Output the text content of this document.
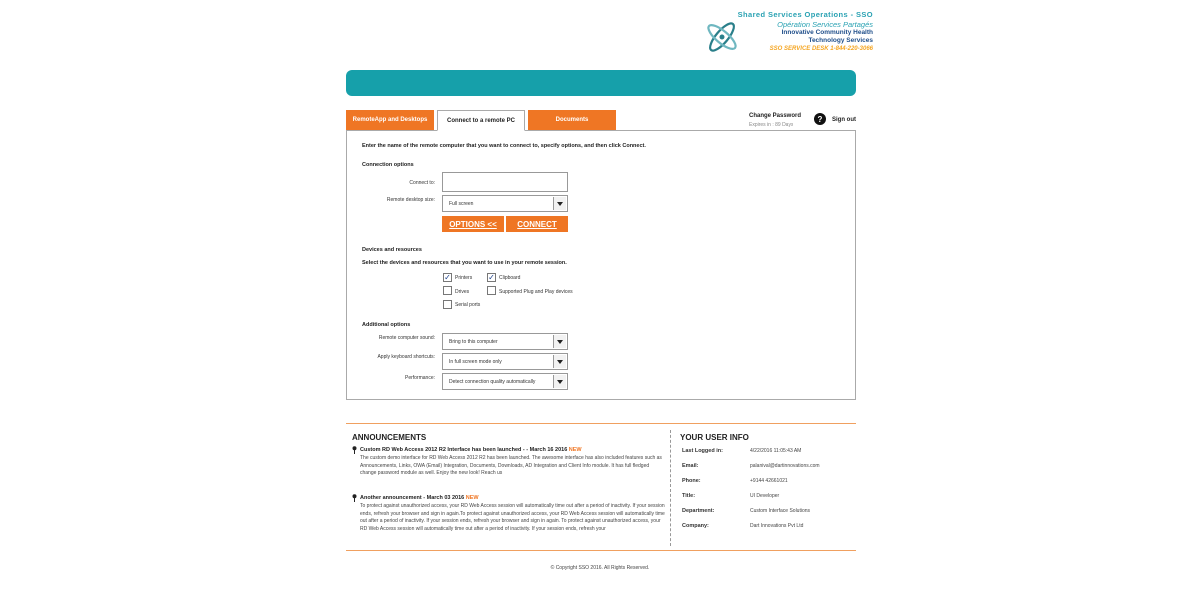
Shared Services Operations - SSO
Opération Services Partagés
Innovative Community Health
Technology Services
SSO SERVICE DESK 1-844-220-3066
RemoteApp and Desktops	Connect to a remote PC	Documents
Change Password
Expires in : 89 Days
?	Sign out
Enter the name of the remote computer that you want to connect to, specify options, and then click Connect.
Connection options
Connect to:
Remote desktop size:
Full screen
OPTIONS <<	CONNECT
Devices and resources
Select the devices and resources that you want to use in your remote session.
✓ Printers ✓ Clipboard
Drives	Supported Plug and Play devices
Serial ports
Additional options
Remote computer sound:
Bring to this computer
Apply keyboard shortcuts:
In full screen mode only
Performance:
Detect connection quality automatically
ANNOUNCEMENTS
Custom RD Web Access 2012 R2 Interface has been launched - - March 16 2016 NEW
The custom demo interface for RD Web Access 2012 R2 has been launched. The awesome interface has also included features such as Announcements, Links, OWA (Email) Integration, Documents, Downloads, AD Integration and Client Info module. It has full fledged change password module as well. Enjoy the new look! Reach us
Another announcement - March 03 2016 NEW
To protect against unauthorized access, your RD Web Access session will automatically time out after a period of inactivity. If your session ends, refresh your browser and sign in again.To protect against unauthorized access, your RD Web Access session will automatically time out after a period of inactivity. If your session ends, refresh your browser and sign in again. To protect against unauthorized access, your RD Web Access session will automatically time out after a period of inactivity. If your session ends, refresh your
YOUR USER INFO
Last Logged in:	4/22/2016 11:05:43 AM
Email:	palanival@dartinnovations.com
Phone:	+9144 42661021
Title:	UI Developer
Department:	Custom Interface Solutions
Company:	Dart Innovations Pvt Ltd
© Copyright SSO 2016. All Rights Reserved.
